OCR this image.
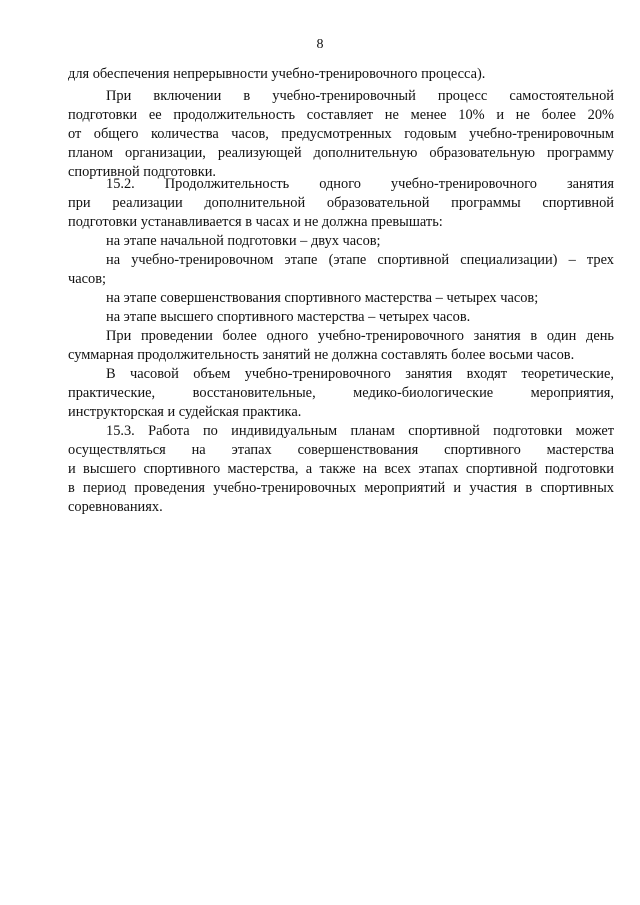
8
для обеспечения непрерывности учебно-тренировочного процесса).
При включении в учебно-тренировочный процесс самостоятельной
подготовки ее продолжительность составляет не менее 10% и не более 20%
от общего количества часов, предусмотренных годовым учебно-тренировочным
планом организации, реализующей дополнительную образовательную программу
спортивной подготовки.
15.2. Продолжительность одного учебно-тренировочного занятия
при реализации дополнительной образовательной программы спортивной
подготовки устанавливается в часах и не должна превышать:
на этапе начальной подготовки – двух часов;
на учебно-тренировочном этапе (этапе спортивной специализации) – трех
часов;
на этапе совершенствования спортивного мастерства – четырех часов;
на этапе высшего спортивного мастерства – четырех часов.
При проведении более одного учебно-тренировочного занятия в один день
суммарная продолжительность занятий не должна составлять более восьми часов.
В часовой объем учебно-тренировочного занятия входят теоретические,
практические, восстановительные, медико-биологические мероприятия,
инструкторская и судейская практика.
15.3. Работа по индивидуальным планам спортивной подготовки может
осуществляться на этапах совершенствования спортивного мастерства
и высшего спортивного мастерства, а также на всех этапах спортивной подготовки
в период проведения учебно-тренировочных мероприятий и участия в спортивных
соревнованиях.
